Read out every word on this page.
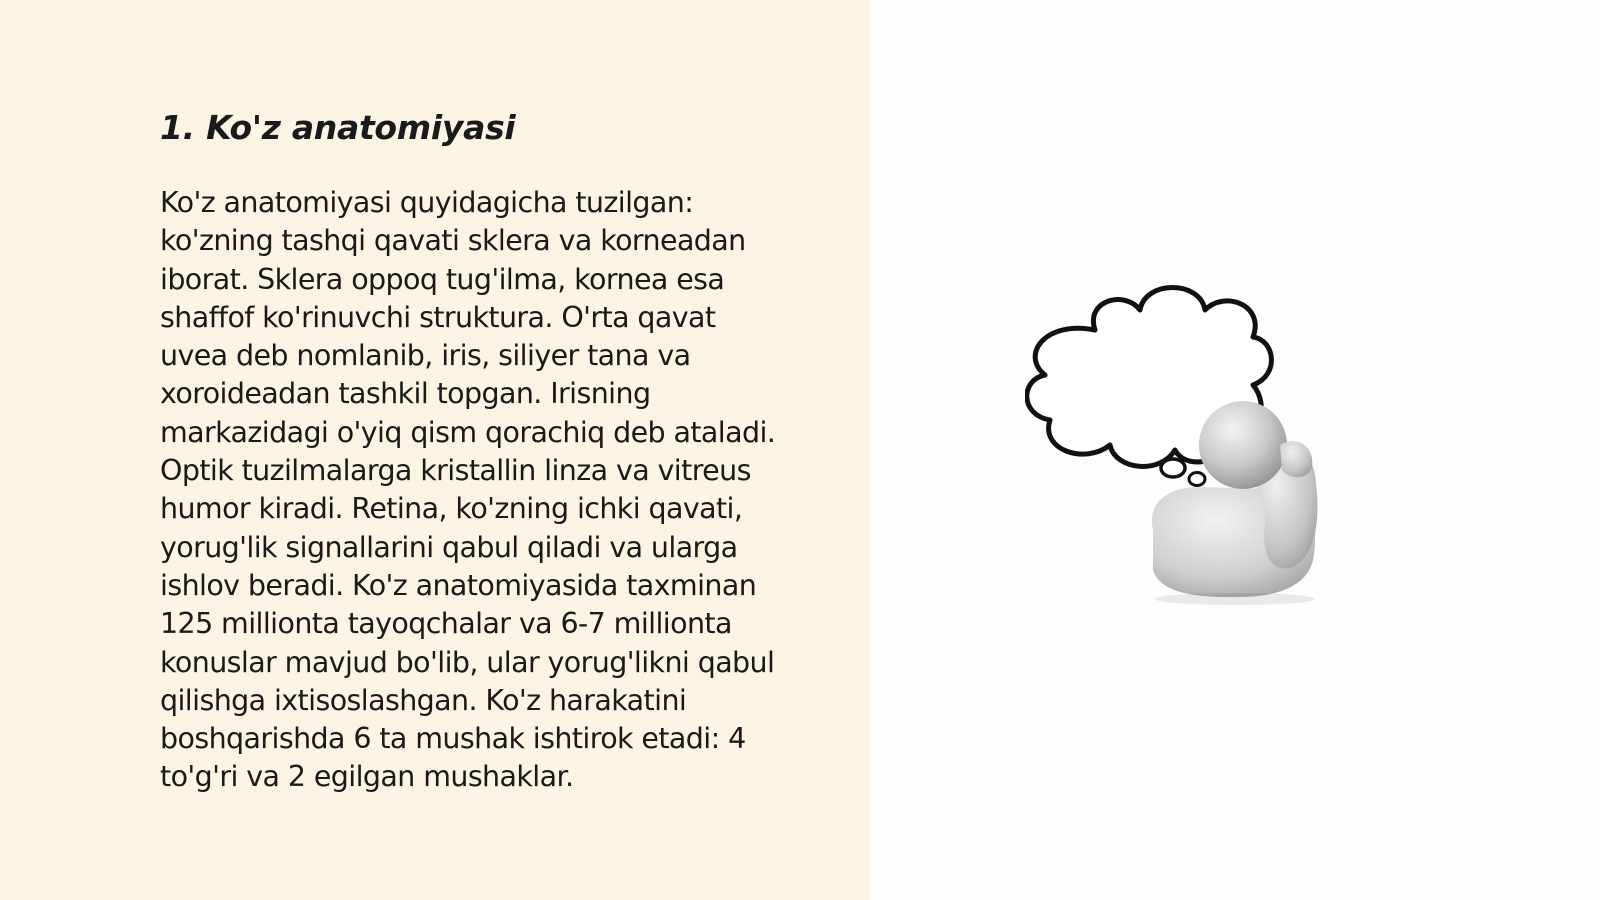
1. Ko'z anatomiyasi
Ko'z anatomiyasi quyidagicha tuzilgan:
ko'zning tashqi qavati sklera va korneadan
iborat. Sklera oppoq tug'ilma, kornea esa
shaffof ko'rinuvchi struktura. O'rta qavat
uvea deb nomlanib, iris, siliyer tana va
xoroideadan tashkil topgan. Irisning
markazidagi o'yiq qism qorachiq deb ataladi.
Optik tuzilmalarga kristallin linza va vitreus
humor kiradi. Retina, ko'zning ichki qavati,
yorug'lik signallarini qabul qiladi va ularga
ishlov beradi. Ko'z anatomiyasida taxminan
125 millionta tayoqchalar va 6-7 millionta
konuslar mavjud bo'lib, ular yorug'likni qabul
qilishga ixtisoslashgan. Ko'z harakatini
boshqarishda 6 ta mushak ishtirok etadi: 4
to'g'ri va 2 egilgan mushaklar.
